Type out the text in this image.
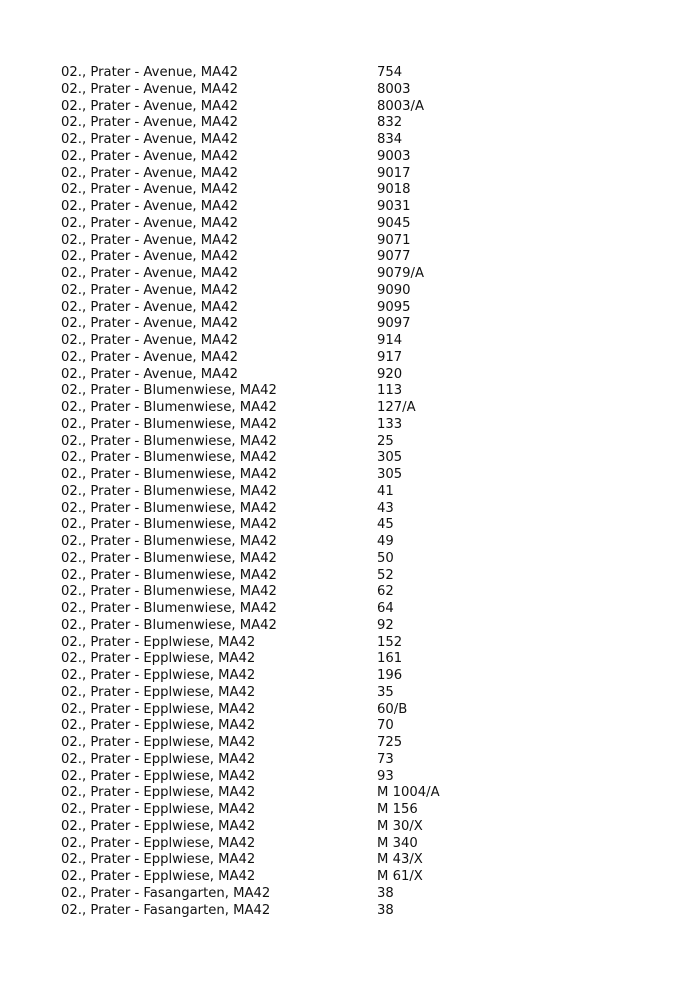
02., Prater - Avenue, MA42	754
02., Prater - Avenue, MA42	8003
02., Prater - Avenue, MA42	8003/A
02., Prater - Avenue, MA42	832
02., Prater - Avenue, MA42	834
02., Prater - Avenue, MA42	9003
02., Prater - Avenue, MA42	9017
02., Prater - Avenue, MA42	9018
02., Prater - Avenue, MA42	9031
02., Prater - Avenue, MA42	9045
02., Prater - Avenue, MA42	9071
02., Prater - Avenue, MA42	9077
02., Prater - Avenue, MA42	9079/A
02., Prater - Avenue, MA42	9090
02., Prater - Avenue, MA42	9095
02., Prater - Avenue, MA42	9097
02., Prater - Avenue, MA42	914
02., Prater - Avenue, MA42	917
02., Prater - Avenue, MA42	920
02., Prater - Blumenwiese, MA42	113
02., Prater - Blumenwiese, MA42	127/A
02., Prater - Blumenwiese, MA42	133
02., Prater - Blumenwiese, MA42	25
02., Prater - Blumenwiese, MA42	305
02., Prater - Blumenwiese, MA42	305
02., Prater - Blumenwiese, MA42	41
02., Prater - Blumenwiese, MA42	43
02., Prater - Blumenwiese, MA42	45
02., Prater - Blumenwiese, MA42	49
02., Prater - Blumenwiese, MA42	50
02., Prater - Blumenwiese, MA42	52
02., Prater - Blumenwiese, MA42	62
02., Prater - Blumenwiese, MA42	64
02., Prater - Blumenwiese, MA42	92
02., Prater - Epplwiese, MA42	152
02., Prater - Epplwiese, MA42	161
02., Prater - Epplwiese, MA42	196
02., Prater - Epplwiese, MA42	35
02., Prater - Epplwiese, MA42	60/B
02., Prater - Epplwiese, MA42	70
02., Prater - Epplwiese, MA42	725
02., Prater - Epplwiese, MA42	73
02., Prater - Epplwiese, MA42	93
02., Prater - Epplwiese, MA42	M 1004/A
02., Prater - Epplwiese, MA42	M 156
02., Prater - Epplwiese, MA42	M 30/X
02., Prater - Epplwiese, MA42	M 340
02., Prater - Epplwiese, MA42	M 43/X
02., Prater - Epplwiese, MA42	M 61/X
02., Prater - Fasangarten, MA42	38
02., Prater - Fasangarten, MA42	38
